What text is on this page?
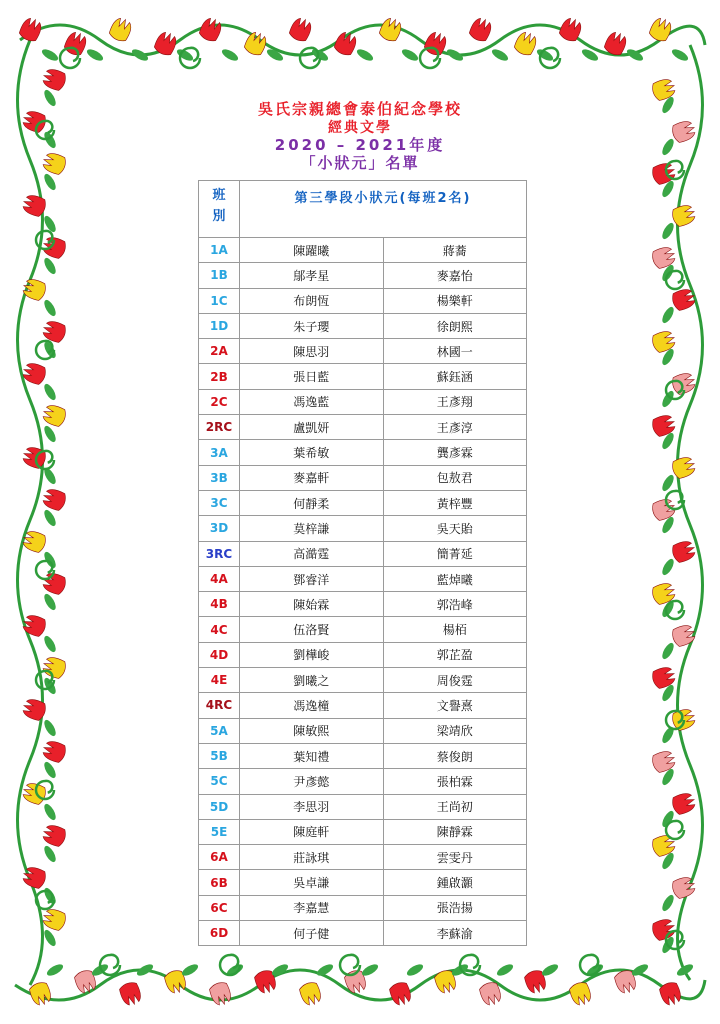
吳氏宗親總會泰伯紀念學校
經典文學
2020 – 2021年度
「小狀元」名單
班
別	第三學段小狀元(每班2名)	
1A	陳躍曦	蔣蕎
1B	鄔孝星	麥嘉怡
1C	布朗恆	楊樂軒
1D	朱子瓔	徐朗熙
2A	陳思羽	林國一
2B	張日藍	蘇鈺涵
2C	馮逸藍	王彥翔
2RC	盧凱妍	王彥淳
3A	葉希敏	龔彥霖
3B	麥嘉軒	包敖君
3C	何靜柔	黃梓豐
3D	莫梓謙	吳天貽
3RC	高澔霆	簡菁延
4A	鄧睿洋	藍焯曦
4B	陳始霖	郭浩峰
4C	伍洛賢	楊栢
4D	劉樺峻	郭芷盈
4E	劉曦之	周俊霆
4RC	馮逸橦	文譽熹
5A	陳敏熙	梁靖欣
5B	葉知禮	蔡俊朗
5C	尹彥懿	張柏霖
5D	李思羽	王尚初
5E	陳庭軒	陳靜霖
6A	莊詠琪	雲雯丹
6B	吳卓謙	鍾啟灝
6C	李嘉慧	張浩揚
6D	何子健	李蘇渝
